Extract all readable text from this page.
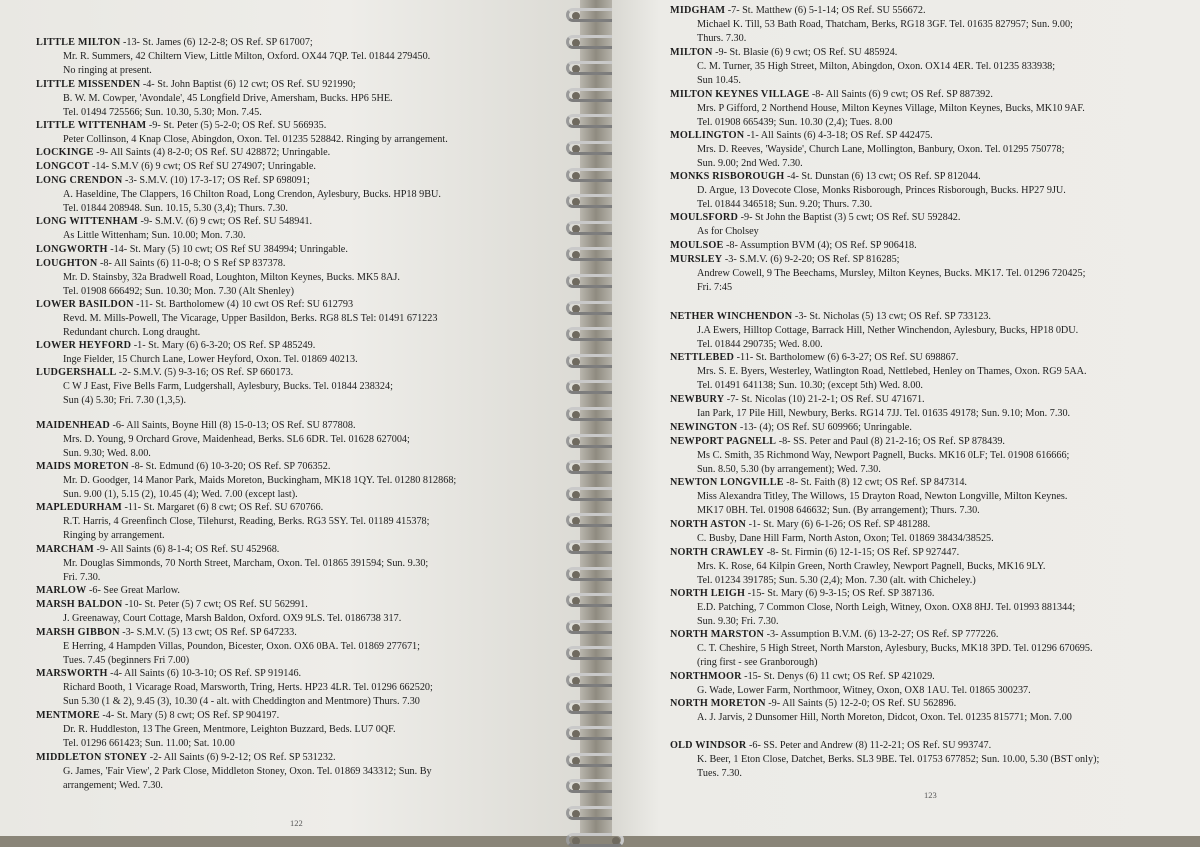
LITTLE MILTON -13- St. James (6) 12-2-8; OS Ref. SP 617007;
Mr. R. Summers, 42 Chiltern View, Little Milton, Oxford. OX44 7QP. Tel. 01844 279450.
No ringing at present.
LITTLE MISSENDEN -4- St. John Baptist (6) 12 cwt; OS Ref. SU 921990;
B. W. M. Cowper, 'Avondale', 45 Longfield Drive, Amersham, Bucks. HP6 5HE.
Tel. 01494 725566; Sun. 10.30, 5.30; Mon. 7.45.
LITTLE WITTENHAM -9- St. Peter (5) 5-2-0; OS Ref. SU 566935.
Peter Collinson, 4 Knap Close, Abingdon, Oxon. Tel. 01235 528842. Ringing by arrangement.
LOCKINGE -9- All Saints (4) 8-2-0; OS Ref. SU 428872; Unringable.
LONGCOT -14- S.M.V (6) 9 cwt; OS Ref SU 274907; Unringable.
LONG CRENDON -3- S.M.V. (10) 17-3-17; OS Ref. SP 698091;
A. Haseldine, The Clappers, 16 Chilton Road, Long Crendon, Aylesbury, Bucks. HP18 9BU.
Tel. 01844 208948. Sun. 10.15, 5.30 (3,4); Thurs. 7.30.
LONG WITTENHAM -9- S.M.V. (6) 9 cwt; OS Ref. SU 548941.
As Little Wittenham; Sun. 10.00; Mon. 7.30.
LONGWORTH -14- St. Mary (5) 10 cwt; OS Ref SU 384994; Unringable.
LOUGHTON -8- All Saints (6) 11-0-8; O S Ref SP 837378.
Mr. D. Stainsby, 32a Bradwell Road, Loughton, Milton Keynes, Bucks. MK5 8AJ.
Tel. 01908 666492; Sun. 10.30; Mon. 7.30 (Alt Shenley)
LOWER BASILDON -11- St. Bartholomew (4) 10 cwt OS Ref: SU 612793
Revd. M. Mills-Powell, The Vicarage, Upper Basildon, Berks. RG8 8LS Tel: 01491 671223
Redundant church. Long draught.
LOWER HEYFORD -1- St. Mary (6) 6-3-20; OS Ref. SP 485249.
Inge Fielder, 15 Church Lane, Lower Heyford, Oxon. Tel. 01869 40213.
LUDGERSHALL -2- S.M.V. (5) 9-3-16; OS Ref. SP 660173.
C W J East, Five Bells Farm, Ludgershall, Aylesbury, Bucks. Tel. 01844 238324;
Sun (4) 5.30; Fri. 7.30 (1,3,5).
MAIDENHEAD -6- All Saints, Boyne Hill (8) 15-0-13; OS Ref. SU 877808.
Mrs. D. Young, 9 Orchard Grove, Maidenhead, Berks. SL6 6DR. Tel. 01628 627004;
Sun. 9.30; Wed. 8.00.
MAIDS MORETON -8- St. Edmund (6) 10-3-20; OS Ref. SP 706352.
Mr. D. Goodger, 14 Manor Park, Maids Moreton, Buckingham, MK18 1QY. Tel. 01280 812868;
Sun. 9.00 (1), 5.15 (2), 10.45 (4); Wed. 7.00 (except last).
MAPLEDURHAM -11- St. Margaret (6) 8 cwt; OS Ref. SU 670766.
R.T. Harris, 4 Greenfinch Close, Tilehurst, Reading, Berks. RG3 5SY. Tel. 01189 415378;
Ringing by arrangement.
MARCHAM -9- All Saints (6) 8-1-4; OS Ref. SU 452968.
Mr. Douglas Simmonds, 70 North Street, Marcham, Oxon. Tel. 01865 391594; Sun. 9.30;
Fri. 7.30.
MARLOW -6- See Great Marlow.
MARSH BALDON -10- St. Peter (5) 7 cwt; OS Ref. SU 562991.
J. Greenaway, Court Cottage, Marsh Baldon, Oxford. OX9 9LS. Tel. 0186738 317.
MARSH GIBBON -3- S.M.V. (5) 13 cwt; OS Ref. SP 647233.
E Herring, 4 Hampden Villas, Poundon, Bicester, Oxon. OX6 0BA. Tel. 01869 277671;
Tues. 7.45 (beginners Fri 7.00)
MARSWORTH -4- All Saints (6) 10-3-10; OS Ref. SP 919146.
Richard Booth, 1 Vicarage Road, Marsworth, Tring, Herts. HP23 4LR. Tel. 01296 662520;
Sun 5.30 (1 & 2), 9.45 (3), 10.30 (4 - alt. with Cheddington and Mentmore) Thurs. 7.30
MENTMORE -4- St. Mary (5) 8 cwt; OS Ref. SP 904197.
Dr. R. Huddleston, 13 The Green, Mentmore, Leighton Buzzard, Beds. LU7 0QF.
Tel. 01296 661423; Sun. 11.00; Sat. 10.00
MIDDLETON STONEY -2- All Saints (6) 9-2-12; OS Ref. SP 531232.
G. James, 'Fair View', 2 Park Close, Middleton Stoney, Oxon. Tel. 01869 343312; Sun. By
arrangement; Wed. 7.30.
122
MIDGHAM -7- St. Matthew (6) 5-1-14; OS Ref. SU 556672.
Michael K. Till, 53 Bath Road, Thatcham, Berks, RG18 3GF. Tel. 01635 827957; Sun. 9.00;
Thurs. 7.30.
MILTON -9- St. Blasie (6) 9 cwt; OS Ref. SU 485924.
C. M. Turner, 35 High Street, Milton, Abingdon, Oxon. OX14 4ER. Tel. 01235 833938;
Sun 10.45.
MILTON KEYNES VILLAGE -8- All Saints (6) 9 cwt; OS Ref. SP 887392.
Mrs. P Gifford, 2 Northend House, Milton Keynes Village, Milton Keynes, Bucks, MK10 9AF.
Tel. 01908 665439; Sun. 10.30 (2,4); Tues. 8.00
MOLLINGTON -1- All Saints (6) 4-3-18; OS Ref. SP 442475.
Mrs. D. Reeves, 'Wayside', Church Lane, Mollington, Banbury, Oxon. Tel. 01295 750778;
Sun. 9.00; 2nd Wed. 7.30.
MONKS RISBOROUGH -4- St. Dunstan (6) 13 cwt; OS Ref. SP 812044.
D. Argue, 13 Dovecote Close, Monks Risborough, Princes Risborough, Bucks. HP27 9JU.
Tel. 01844 346518; Sun. 9.20; Thurs. 7.30.
MOULSFORD -9- St John the Baptist (3) 5 cwt; OS Ref. SU 592842.
As for Cholsey
MOULSOE -8- Assumption BVM (4); OS Ref. SP 906418.
MURSLEY -3- S.M.V. (6) 9-2-20; OS Ref. SP 816285;
Andrew Cowell, 9 The Beechams, Mursley, Milton Keynes, Bucks. MK17. Tel. 01296 720425;
Fri. 7:45
NETHER WINCHENDON -3- St. Nicholas (5) 13 cwt; OS Ref. SP 733123.
J.A Ewers, Hilltop Cottage, Barrack Hill, Nether Winchendon, Aylesbury, Bucks, HP18 0DU.
Tel. 01844 290735; Wed. 8.00.
NETTLEBED -11- St. Bartholomew (6) 6-3-27; OS Ref. SU 698867.
Mrs. S. E. Byers, Westerley, Watlington Road, Nettlebed, Henley on Thames, Oxon. RG9 5AA.
Tel. 01491 641138; Sun. 10.30; (except 5th) Wed. 8.00.
NEWBURY -7- St. Nicolas (10) 21-2-1; OS Ref. SU 471671.
Ian Park, 17 Pile Hill, Newbury, Berks. RG14 7JJ. Tel. 01635 49178; Sun. 9.10; Mon. 7.30.
NEWINGTON -13- (4); OS Ref. SU 609966; Unringable.
NEWPORT PAGNELL -8- SS. Peter and Paul (8) 21-2-16; OS Ref. SP 878439.
Ms C. Smith, 35 Richmond Way, Newport Pagnell, Bucks. MK16 0LF; Tel. 01908 616666;
Sun. 8.50, 5.30 (by arrangement); Wed. 7.30.
NEWTON LONGVILLE -8- St. Faith (8) 12 cwt; OS Ref. SP 847314.
Miss Alexandra Titley, The Willows, 15 Drayton Road, Newton Longville, Milton Keynes.
MK17 0BH. Tel. 01908 646632; Sun. (By arrangement); Thurs. 7.30.
NORTH ASTON -1- St. Mary (6) 6-1-26; OS Ref. SP 481288.
C. Busby, Dane Hill Farm, North Aston, Oxon; Tel. 01869 38434/38525.
NORTH CRAWLEY -8- St. Firmin (6) 12-1-15; OS Ref. SP 927447.
Mrs. K. Rose, 64 Kilpin Green, North Crawley, Newport Pagnell, Bucks, MK16 9LY.
Tel. 01234 391785; Sun. 5.30 (2,4); Mon. 7.30 (alt. with Chicheley.)
NORTH LEIGH -15- St. Mary (6) 9-3-15; OS Ref. SP 387136.
E.D. Patching, 7 Common Close, North Leigh, Witney, Oxon. OX8 8HJ. Tel. 01993 881344;
Sun. 9.30; Fri. 7.30.
NORTH MARSTON -3- Assumption B.V.M. (6) 13-2-27; OS Ref. SP 777226.
C. T. Cheshire, 5 High Street, North Marston, Aylesbury, Bucks, MK18 3PD. Tel. 01296 670695.
(ring first - see Granborough)
NORTHMOOR -15- St. Denys (6) 11 cwt; OS Ref. SP 421029.
G. Wade, Lower Farm, Northmoor, Witney, Oxon, OX8 1AU. Tel. 01865 300237.
NORTH MORETON -9- All Saints (5) 12-2-0; OS Ref. SU 562896.
A. J. Jarvis, 2 Dunsomer Hill, North Moreton, Didcot, Oxon. Tel. 01235 815771; Mon. 7.00
OLD WINDSOR -6- SS. Peter and Andrew (8) 11-2-21; OS Ref. SU 993747.
K. Beer, 1 Eton Close, Datchet, Berks. SL3 9BE. Tel. 01753 677852; Sun. 10.00, 5.30 (BST only);
Tues. 7.30.
123
